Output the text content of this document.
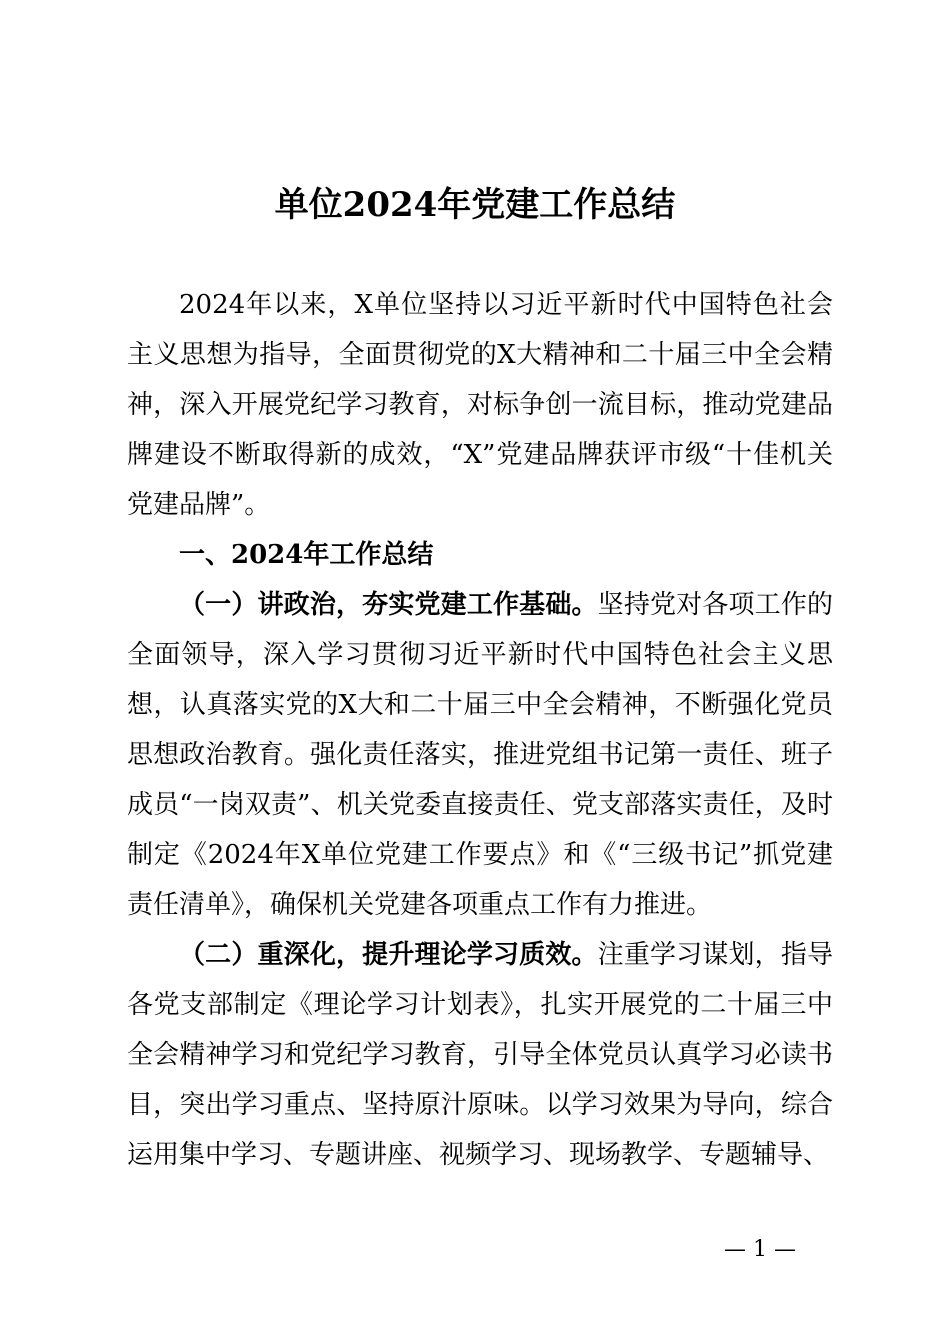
单位2024年党建工作总结

2024年以来，X单位坚持以习近平新时代中国特色社会主义思想为指导，全面贯彻党的X大精神和二十届三中全会精神，深入开展党纪学习教育，对标争创一流目标，推动党建品牌建设不断取得新的成效，“X”党建品牌获评市级“十佳机关党建品牌”。

一、2024年工作总结

（一）讲政治，夯实党建工作基础。坚持党对各项工作的全面领导，深入学习贯彻习近平新时代中国特色社会主义思想，认真落实党的X大和二十届三中全会精神，不断强化党员思想政治教育。强化责任落实，推进党组书记第一责任、班子成员“一岗双责”、机关党委直接责任、党支部落实责任，及时制定《2024年X单位党建工作要点》和《“三级书记”抓党建责任清单》，确保机关党建各项重点工作有力推进。

（二）重深化，提升理论学习质效。注重学习谋划，指导各党支部制定《理论学习计划表》，扎实开展党的二十届三中全会精神学习和党纪学习教育，引导全体党员认真学习必读书目，突出学习重点、坚持原汁原味。以学习效果为导向，综合运用集中学习、专题讲座、视频学习、现场教学、专题辅导、

— 1 —
